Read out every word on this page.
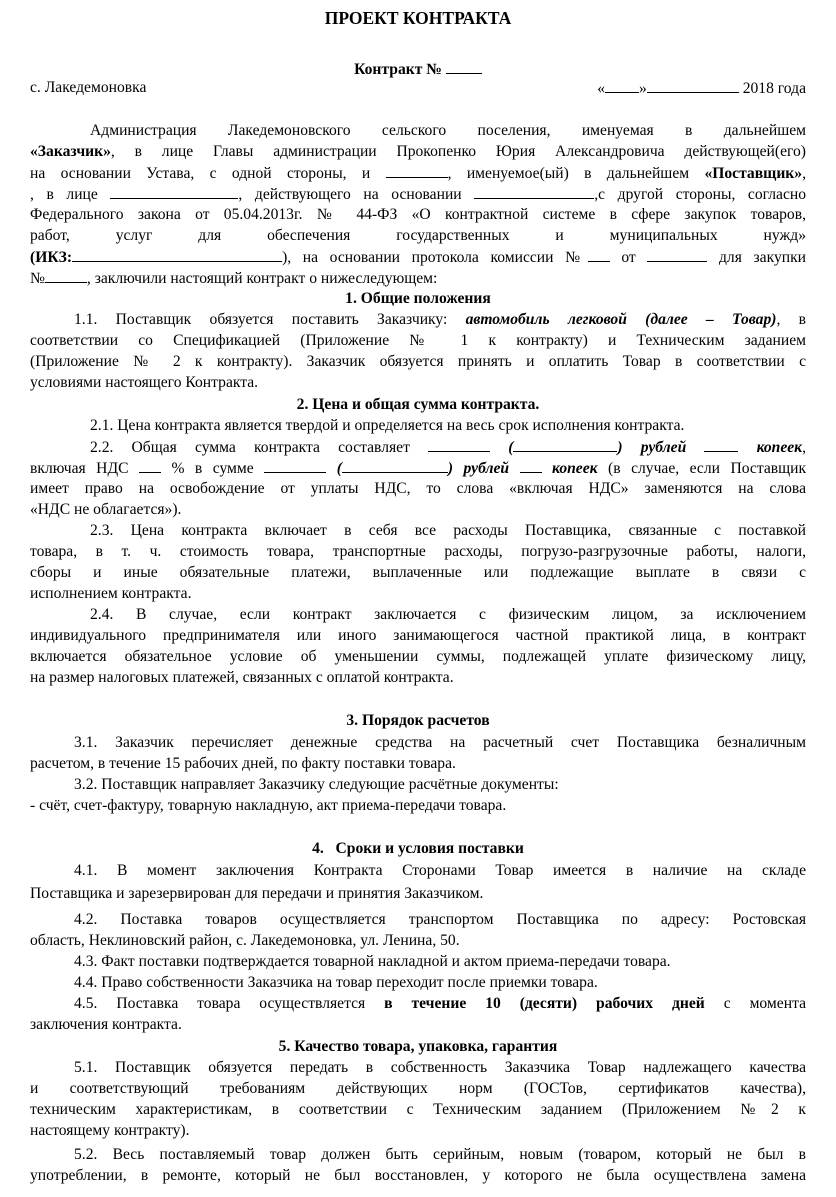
ПРОЕКТ КОНТРАКТА
Контракт №
с. Лакедемоновка	« »	2018 года
Администрация Лакедемоновского сельского поселения, именуемая в дальнейшем
«Заказчик», в лице Главы администрации Прокопенко Юрия Александровича действующей(его)
на основании Устава, с одной стороны, и	, именуемое(ый) в дальнейшем «Поставщик»,
, в лице	, действующего на основании	,с другой стороны, согласно
Федерального закона от 05.04.2013г. № 44-ФЗ «О контрактной системе в сфере закупок товаров,
работ, услуг для обеспечения государственных и муниципальных нужд»
(ИКЗ:	), на основании протокола комиссии № от	для закупки
№	, заключили настоящий контракт о нижеследующем:
1. Общие положения
1.1. Поставщик обязуется поставить Заказчику: автомобиль легковой (далее – Товар), в
соответствии со Спецификацией (Приложение № 1 к контракту) и Техническим заданием
(Приложение № 2 к контракту). Заказчик обязуется принять и оплатить Товар в соответствии с
условиями настоящего Контракта.
2. Цена и общая сумма контракта.
2.1. Цена контракта является твердой и определяется на весь срок исполнения контракта.
2.2. Общая сумма контракта составляет	(	) рублей	копеек,
включая НДС	% в сумме	(	) рублей	копеек (в случае, если Поставщик
имеет право на освобождение от уплаты НДС, то слова «включая НДС» заменяются на слова
«НДС не облагается»).
2.3. Цена контракта включает в себя все расходы Поставщика, связанные с поставкой
товара, в т. ч. стоимость товара, транспортные расходы, погрузо-разгрузочные работы, налоги,
сборы и иные обязательные платежи, выплаченные или подлежащие выплате в связи с
исполнением контракта.
2.4. В случае, если контракт заключается с физическим лицом, за исключением
индивидуального предпринимателя или иного занимающегося частной практикой лица, в контракт
включается обязательное условие об уменьшении суммы, подлежащей уплате физическому лицу,
на размер налоговых платежей, связанных с оплатой контракта.
3. Порядок расчетов
3.1. Заказчик перечисляет денежные средства на расчетный счет Поставщика безналичным
расчетом, в течение 15 рабочих дней, по факту поставки товара.
3.2. Поставщик направляет Заказчику следующие расчётные документы:
- счёт, счет-фактуру, товарную накладную, акт приема-передачи товара.
4. Сроки и условия поставки
4.1. В момент заключения Контракта Сторонами Товар имеется в наличие на складе
Поставщика и зарезервирован для передачи и принятия Заказчиком.
4.2. Поставка товаров осуществляется транспортом Поставщика по адресу: Ростовская
область, Неклиновский район, с. Лакедемоновка, ул. Ленина, 50.
4.3. Факт поставки подтверждается товарной накладной и актом приема-передачи товара.
4.4. Право собственности Заказчика на товар переходит после приемки товара.
4.5. Поставка товара осуществляется в течение 10 (десяти) рабочих дней с момента
заключения контракта.
5. Качество товара, упаковка, гарантия
5.1. Поставщик обязуется передать в собственность Заказчика Товар надлежащего качества
и соответствующий требованиям действующих норм (ГОСТов, сертификатов качества),
техническим характеристикам, в соответствии с Техническим заданием (Приложением №2 к
настоящему контракту).
5.2. Весь поставляемый товар должен быть серийным, новым (товаром, который не был в
употреблении, в ремонте, который не был восстановлен, у которого не была осуществлена замена
